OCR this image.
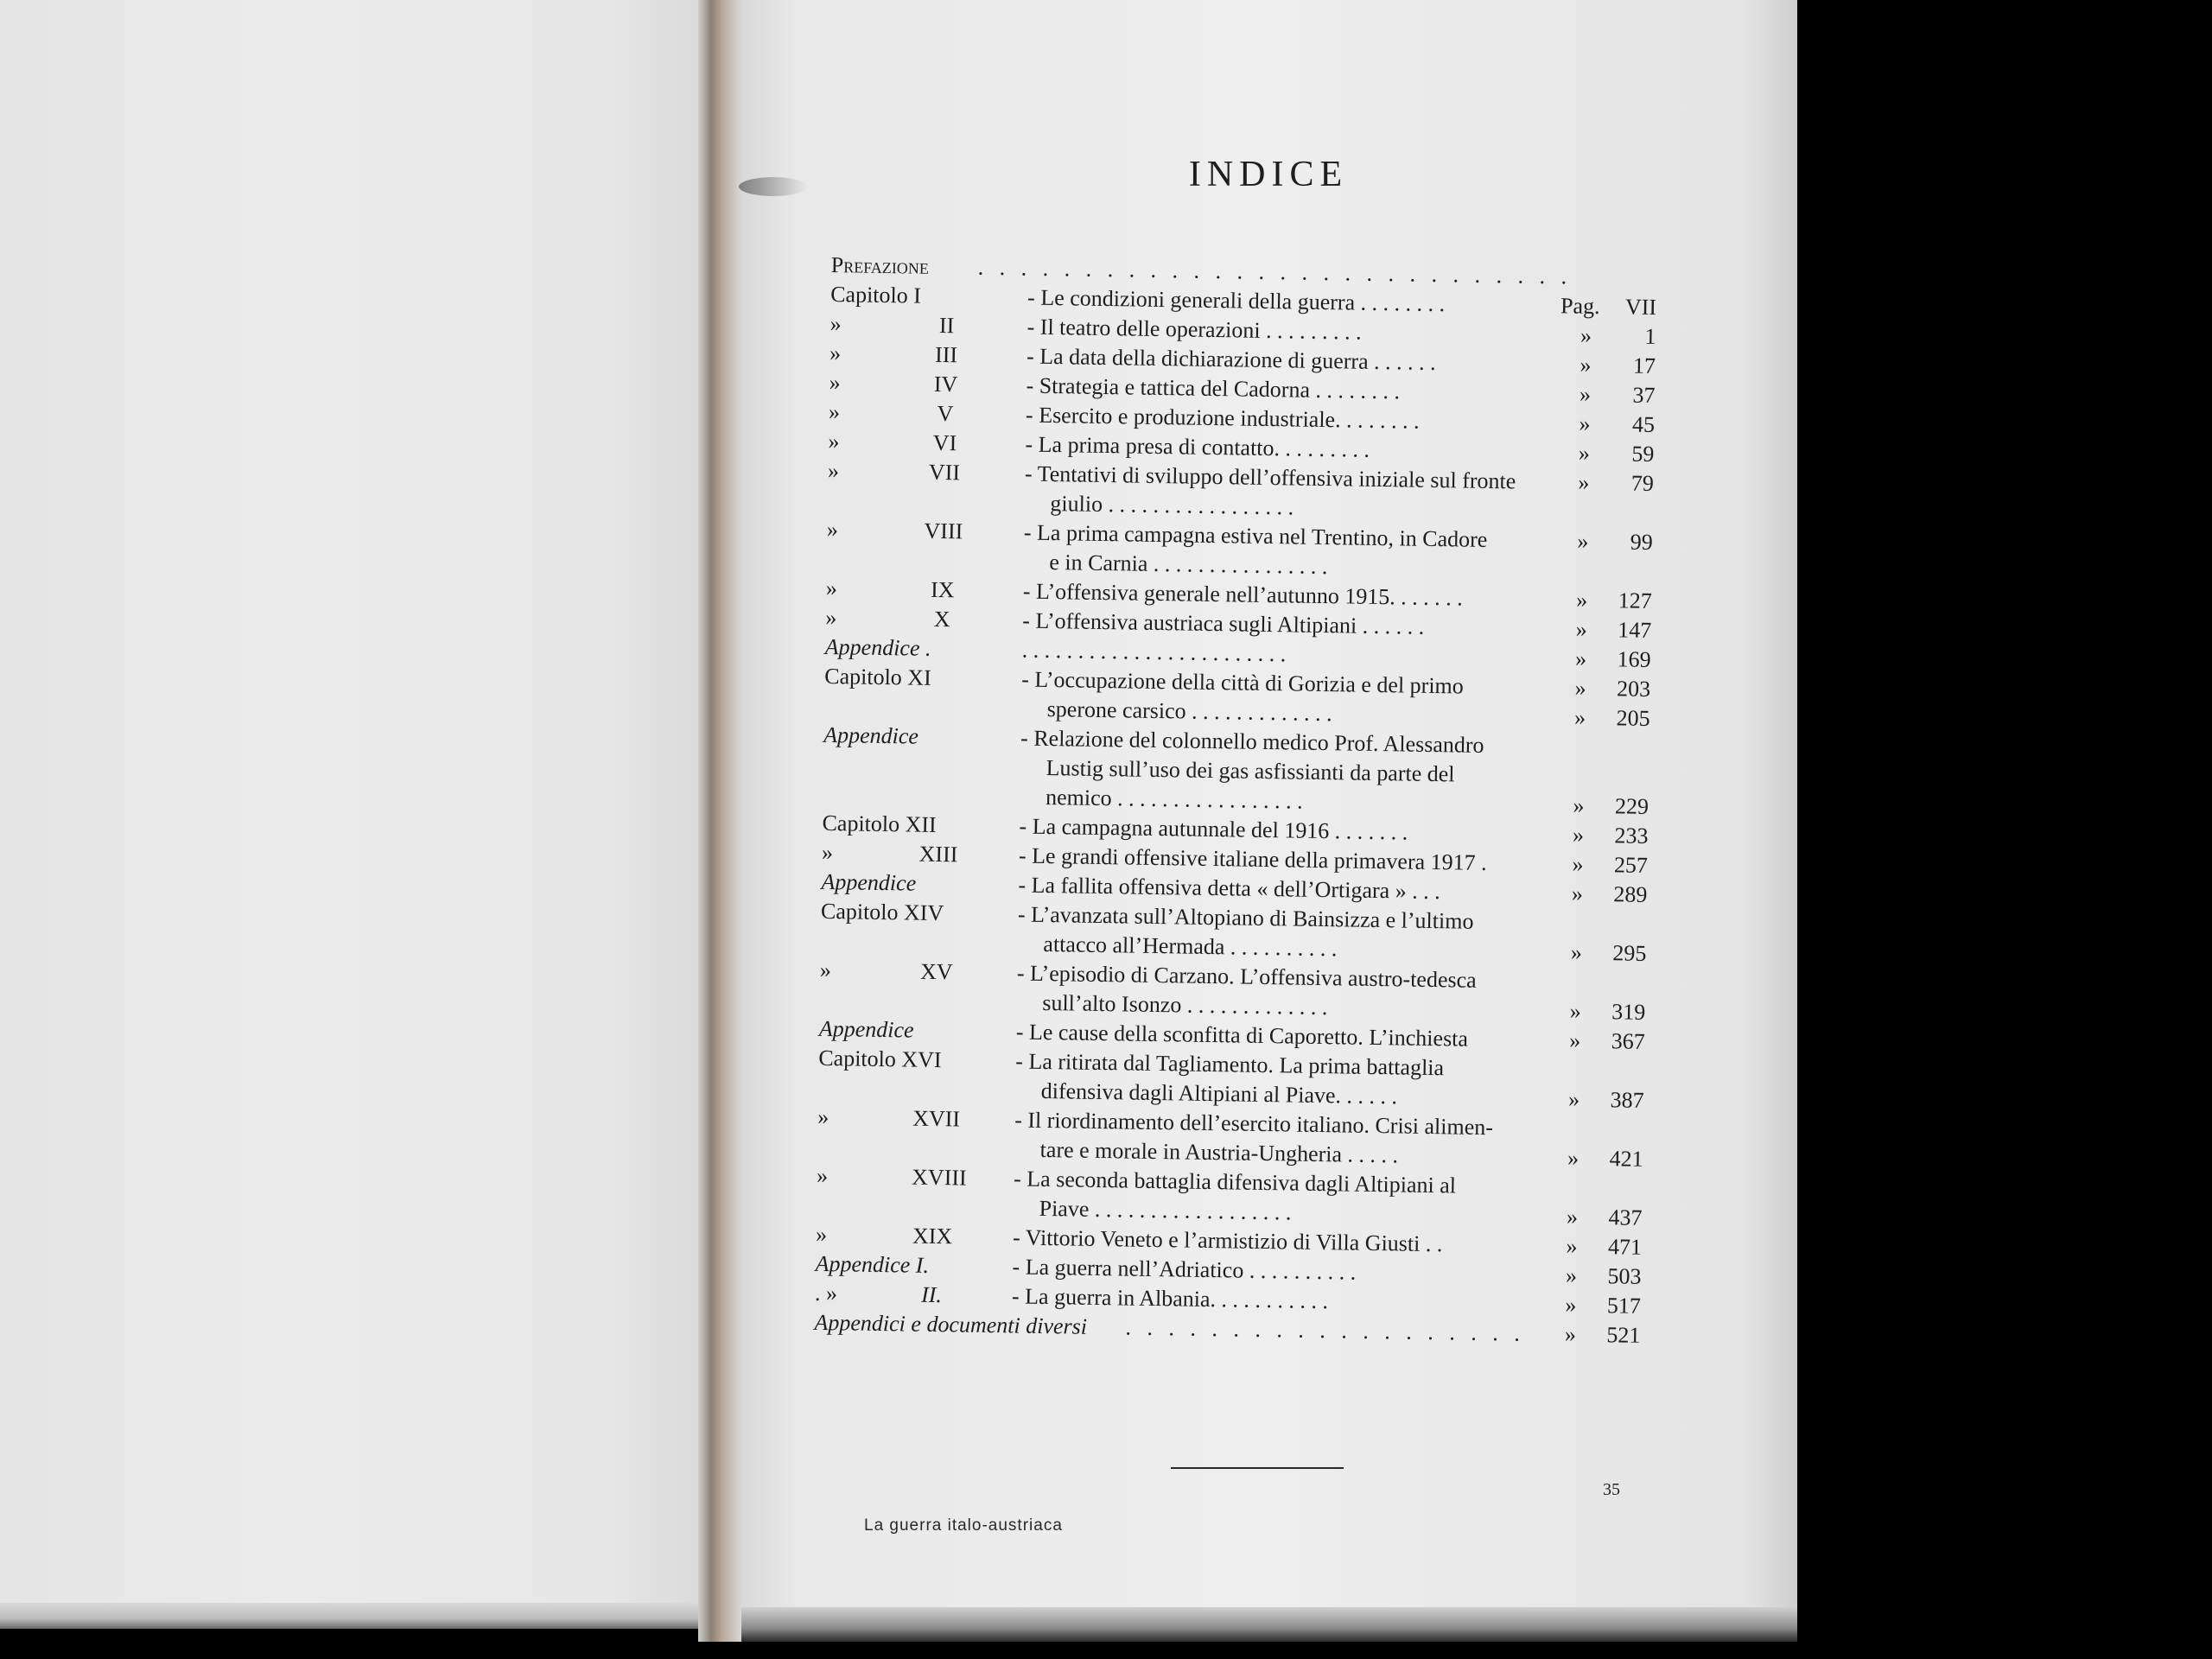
INDICE
Prefazione . . . . . . . . . . . . . . . . . . . . . . . . . . . .
Capitolo I	- Le condizioni generali della guerra . . . . . . . .	Pag.	VII
»	II	- Il teatro delle operazioni . . . . . . . . .	»	1
»	III	- La data della dichiarazione di guerra . . . . . .	»	17
»	IV	- Strategia e tattica del Cadorna . . . . . . . .	»	37
»	V	- Esercito e produzione industriale. . . . . . . .	»	45
»	VI	- La prima presa di contatto. . . . . . . . .	»	59
»	VII	- Tentativi di sviluppo dell’offensiva iniziale sul fronte	»	79
giulio . . . . . . . . . . . . . . . . .
»	VIII	- La prima campagna estiva nel Trentino, in Cadore	»	99
e in Carnia . . . . . . . . . . . . . . . .
»	IX	- L’offensiva generale nell’autunno 1915. . . . . . .	»	127
»	X	- L’offensiva austriaca sugli Altipiani . . . . . .	»	147
Appendice .	. . . . . . . . . . . . . . . . . . . . . . . .	»	169
Capitolo XI	- L’occupazione della città di Gorizia e del primo	»	203
sperone carsico . . . . . . . . . . . . .	»	205
Appendice	- Relazione del colonnello medico Prof. Alessandro
Lustig sull’uso dei gas asfissianti da parte del
nemico . . . . . . . . . . . . . . . . .	»	229
Capitolo XII	- La campagna autunnale del 1916 . . . . . . .	»	233
»	XIII	- Le grandi offensive italiane della primavera 1917 .	»	257
Appendice	- La fallita offensiva detta « dell’Ortigara » . . .	»	289
Capitolo XIV	- L’avanzata sull’Altopiano di Bainsizza e l’ultimo
attacco all’Hermada . . . . . . . . . .	»	295
»	XV	- L’episodio di Carzano. L’offensiva austro-tedesca
sull’alto Isonzo . . . . . . . . . . . . .	»	319
Appendice	- Le cause della sconfitta di Caporetto. L’inchiesta	»	367
Capitolo XVI	- La ritirata dal Tagliamento. La prima battaglia
difensiva dagli Altipiani al Piave. . . . . .	»	387
»	XVII - Il riordinamento dell’esercito italiano. Crisi alimen-
tare e morale in Austria-Ungheria . . . . .	»	421
»	XVIII - La seconda battaglia difensiva dagli Altipiani al
Piave . . . . . . . . . . . . . . . . . .	»	437
»	XIX	- Vittorio Veneto e l’armistizio di Villa Giusti . .	»	471
Appendice I.	- La guerra nell’Adriatico . . . . . . . . . .	»	503
. »	II.	- La guerra in Albania. . . . . . . . . . .	»	517
Appendici e documenti diversi . . . . . . . . . . . . . . . . . . .	»	521
35
La guerra italo-austriaca
